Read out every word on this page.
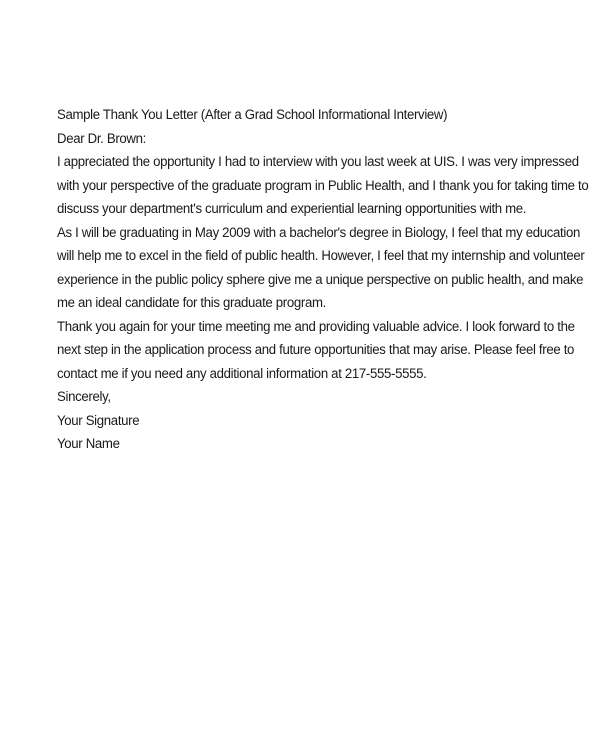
Sample Thank You Letter (After a Grad School Informational Interview)

Dear Dr. Brown:

I appreciated the opportunity I had to interview with you last week at UIS. I was very impressed
with your perspective of the graduate program in Public Health, and I thank you for taking time to
discuss your department's curriculum and experiential learning opportunities with me.

As I will be graduating in May 2009 with a bachelor's degree in Biology, I feel that my education
will help me to excel in the field of public health. However, I feel that my internship and volunteer
experience in the public policy sphere give me a unique perspective on public health, and make
me an ideal candidate for this graduate program.

Thank you again for your time meeting me and providing valuable advice. I look forward to the
next step in the application process and future opportunities that may arise. Please feel free to
contact me if you need any additional information at 217-555-5555.

Sincerely,

Your Signature

Your Name
